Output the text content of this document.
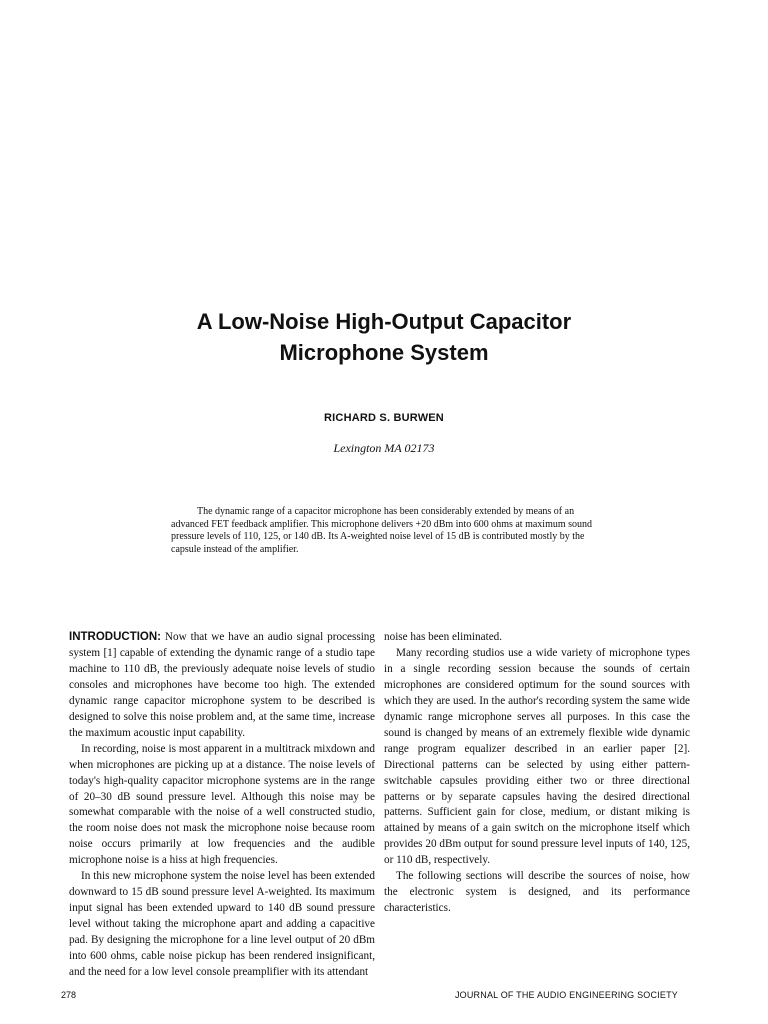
A Low-Noise High-Output Capacitor
Microphone System
RICHARD S. BURWEN
Lexington MA 02173

The dynamic range of a capacitor microphone has been considerably extended by means of an advanced FET feedback amplifier. This microphone delivers +20 dBm into 600 ohms at maximum sound pressure levels of 110, 125, or 140 dB. Its A-weighted noise level of 15 dB is contributed mostly by the capsule instead of the amplifier.

INTRODUCTION: Now that we have an audio signal processing system [1] capable of extending the dynamic range of a studio tape machine to 110 dB, the previously adequate noise levels of studio consoles and microphones have become too high. The extended dynamic range capacitor microphone system to be described is designed to solve this noise problem and, at the same time, increase the maximum acoustic input capability.

In recording, noise is most apparent in a multitrack mixdown and when microphones are picking up at a distance. The noise levels of today's high-quality capacitor microphone systems are in the range of 20–30 dB sound pressure level. Although this noise may be somewhat comparable with the noise of a well constructed studio, the room noise does not mask the microphone noise because room noise occurs primarily at low frequencies and the audible microphone noise is a hiss at high frequencies.

In this new microphone system the noise level has been extended downward to 15 dB sound pressure level A-weighted. Its maximum input signal has been extended upward to 140 dB sound pressure level without taking the microphone apart and adding a capacitive pad. By designing the microphone for a line level output of 20 dBm into 600 ohms, cable noise pickup has been rendered insignificant, and the need for a low level console preamplifier with its attendant

noise has been eliminated.

Many recording studios use a wide variety of microphone types in a single recording session because the sounds of certain microphones are considered optimum for the sound sources with which they are used. In the author's recording system the same wide dynamic range microphone serves all purposes. In this case the sound is changed by means of an extremely flexible wide dynamic range program equalizer described in an earlier paper [2]. Directional patterns can be selected by using either pattern-switchable capsules providing either two or three directional patterns or by separate capsules having the desired directional patterns. Sufficient gain for close, medium, or distant miking is attained by means of a gain switch on the microphone itself which provides 20 dBm output for sound pressure level inputs of 140, 125, or 110 dB, respectively.

The following sections will describe the sources of noise, how the electronic system is designed, and its performance characteristics.

278	JOURNAL OF THE AUDIO ENGINEERING SOCIETY
